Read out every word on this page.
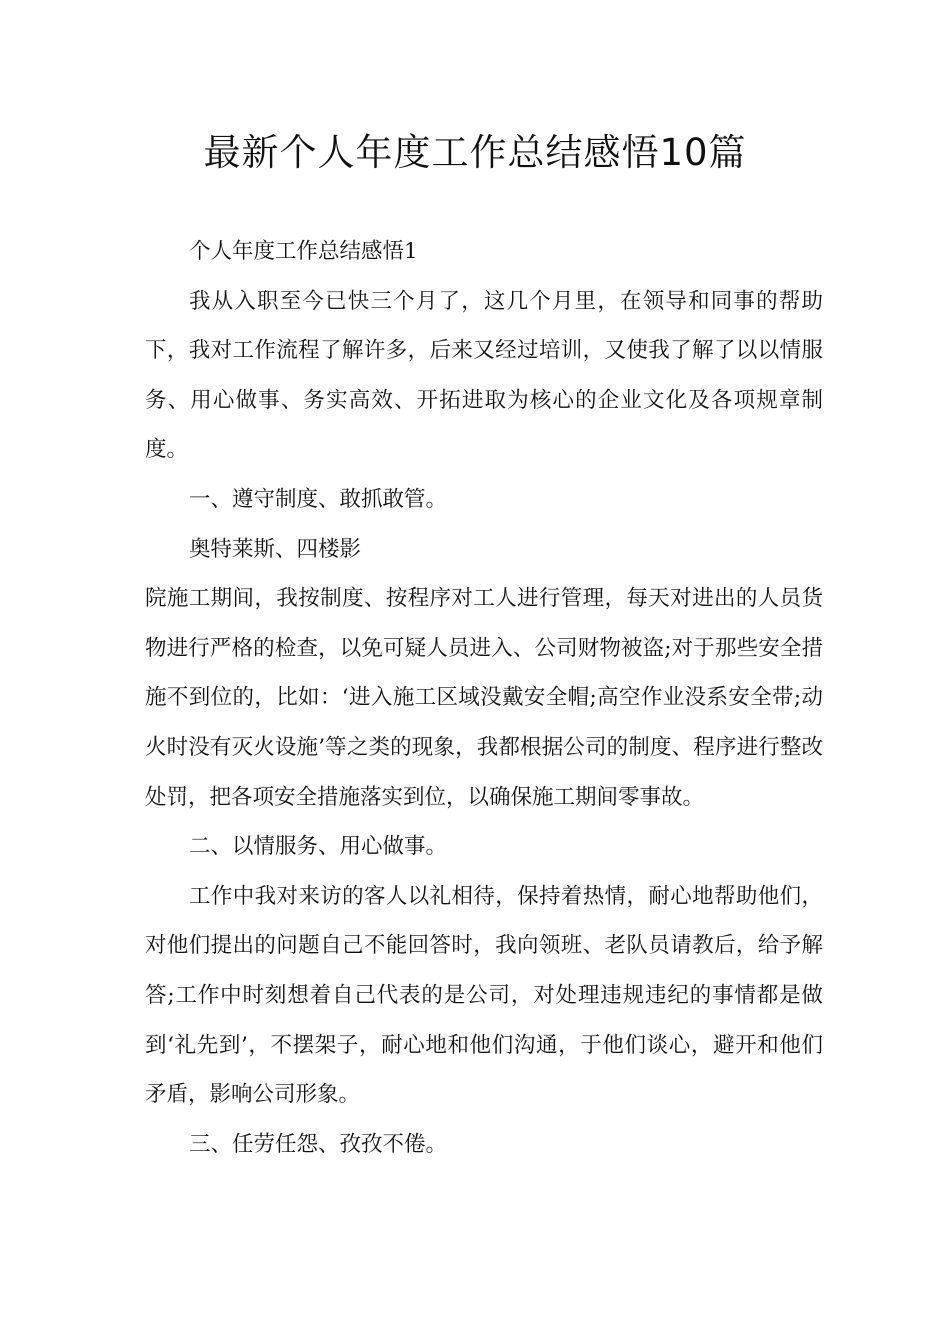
最新个人年度工作总结感悟10篇

个人年度工作总结感悟1

我从入职至今已快三个月了，这几个月里，在领导和同事的帮助下，我对工作流程了解许多，后来又经过培训，又使我了解了以以情服务、用心做事、务实高效、开拓进取为核心的企业文化及各项规章制度。

一、遵守制度、敢抓敢管。

奥特莱斯、四楼影

院施工期间，我按制度、按程序对工人进行管理，每天对进出的人员货物进行严格的检查，以免可疑人员进入、公司财物被盗;对于那些安全措施不到位的，比如：‘进入施工区域没戴安全帽;高空作业没系安全带;动火时没有灭火设施’等之类的现象，我都根据公司的制度、程序进行整改处罚，把各项安全措施落实到位，以确保施工期间零事故。

二、以情服务、用心做事。

工作中我对来访的客人以礼相待，保持着热情，耐心地帮助他们，对他们提出的问题自己不能回答时，我向领班、老队员请教后，给予解答;工作中时刻想着自己代表的是公司，对处理违规违纪的事情都是做到‘礼先到’，不摆架子，耐心地和他们沟通，于他们谈心，避开和他们矛盾，影响公司形象。

三、任劳任怨、孜孜不倦。
